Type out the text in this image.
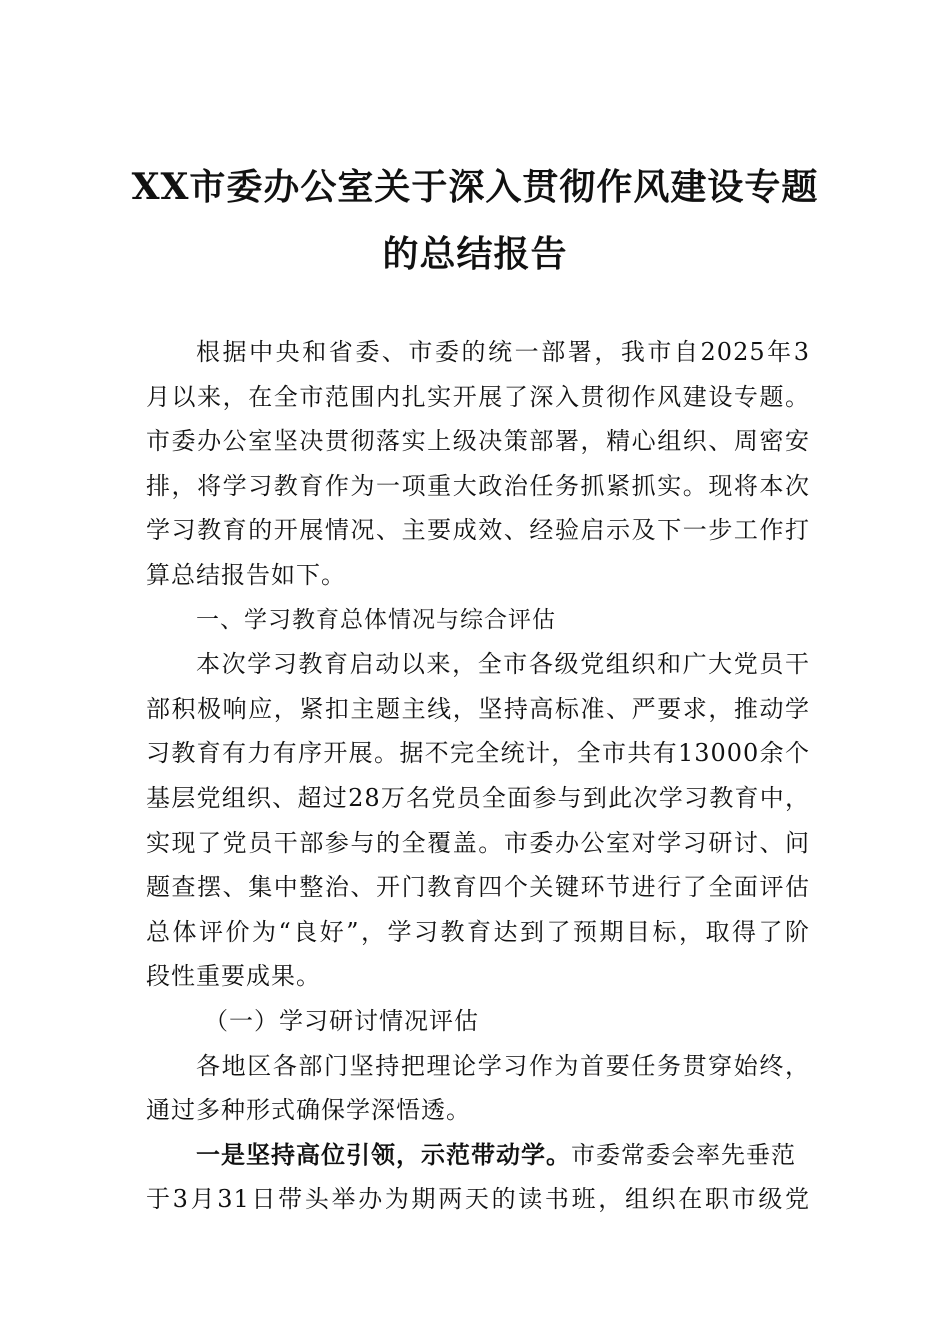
XX市委办公室关于深入贯彻作风建设专题
的总结报告
根据中央和省委、市委的统一部署，我市自2025年3
月以来，在全市范围内扎实开展了深入贯彻作风建设专题。
市委办公室坚决贯彻落实上级决策部署，精心组织、周密安
排，将学习教育作为一项重大政治任务抓紧抓实。现将本次
学习教育的开展情况、主要成效、经验启示及下一步工作打
算总结报告如下。
一、学习教育总体情况与综合评估
本次学习教育启动以来，全市各级党组织和广大党员干
部积极响应，紧扣主题主线，坚持高标准、严要求，推动学
习教育有力有序开展。据不完全统计，全市共有13000余个
基层党组织、超过28万名党员全面参与到此次学习教育中，
实现了党员干部参与的全覆盖。市委办公室对学习研讨、问
题查摆、集中整治、开门教育四个关键环节进行了全面评估
总体评价为“良好”，学习教育达到了预期目标，取得了阶
段性重要成果。
（一）学习研讨情况评估
各地区各部门坚持把理论学习作为首要任务贯穿始终，
通过多种形式确保学深悟透。
一是坚持高位引领，示范带动学。市委常委会率先垂范
于3月31日带头举办为期两天的读书班，组织在职市级党
